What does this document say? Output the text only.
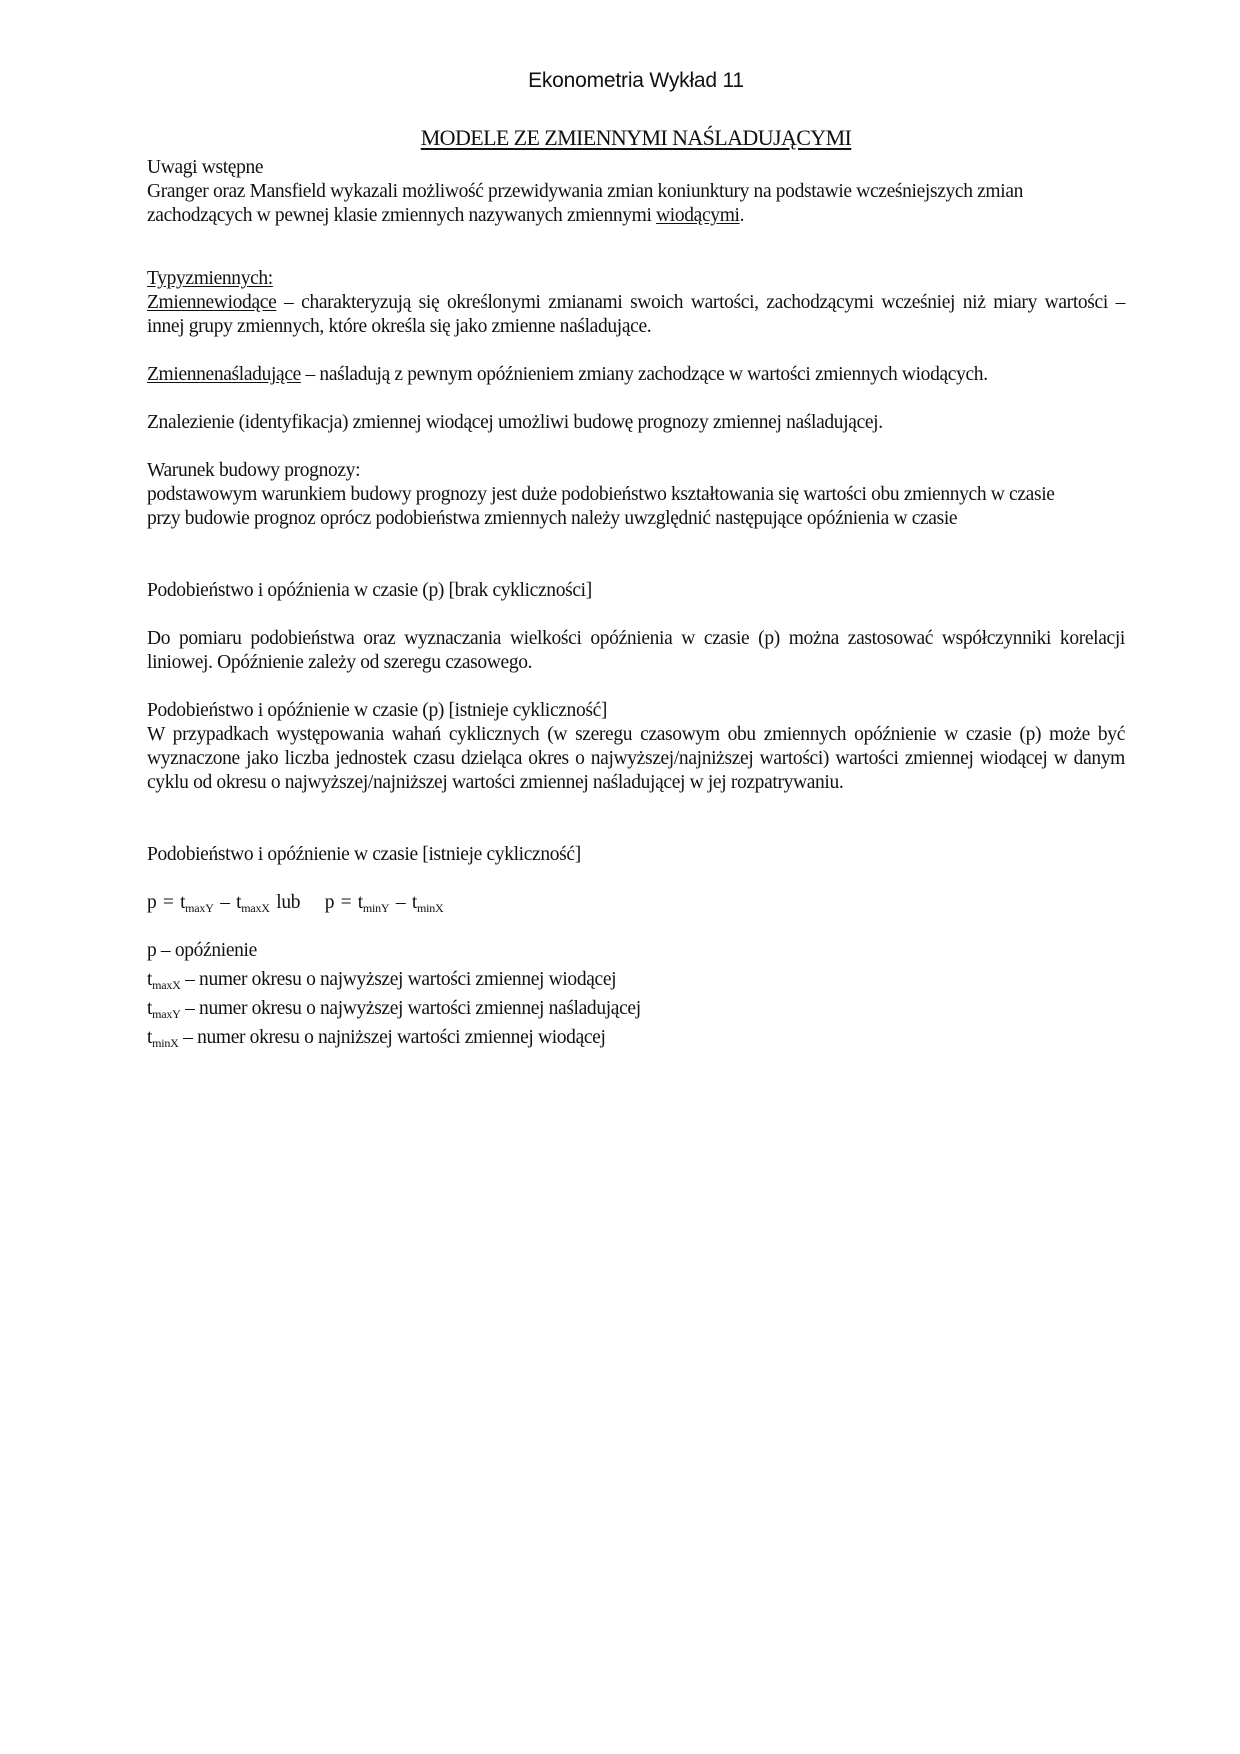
Ekonometria Wykład 11
MODELE ZE ZMIENNYMI NAŚLADUJĄCYMI

Uwagi wstępne

Granger oraz Mansfield wykazali możliwość przewidywania zmian koniunktury na podstawie wcześniejszych zmian zachodzących w pewnej klasie zmiennych nazywanych zmiennymi wiodącymi.

Typyzmiennych:

Zmiennewiodące – charakteryzują się określonymi zmianami swoich wartości, zachodzącymi wcześniej niż miary wartości – innej grupy zmiennych, które określa się jako zmienne naśladujące.

Zmiennenaśladujące – naśladują z pewnym opóźnieniem zmiany zachodzące w wartości zmiennych wiodących.

Znalezienie (identyfikacja) zmiennej wiodącej umożliwi budowę prognozy zmiennej naśladującej.

Warunek budowy prognozy:

podstawowym warunkiem budowy prognozy jest duże podobieństwo kształtowania się wartości obu zmiennych w czasie

przy budowie prognoz oprócz podobieństwa zmiennych należy uwzględnić następujące opóźnienia w czasie

Podobieństwo i opóźnienia w czasie (p) [brak cykliczności]

Do pomiaru podobieństwa oraz wyznaczania wielkości opóźnienia w czasie (p) można zastosować współczynniki korelacji liniowej. Opóźnienie zależy od szeregu czasowego.

Podobieństwo i opóźnienie w czasie (p) [istnieje cykliczność]

W przypadkach występowania wahań cyklicznych (w szeregu czasowym obu zmiennych opóźnienie w czasie (p) może być wyznaczone jako liczba jednostek czasu dzieląca okres o najwyższej/najniższej wartości) wartości zmiennej wiodącej w danym cyklu od okresu o najwyższej/najniższej wartości zmiennej naśladującej w jej rozpatrywaniu.

Podobieństwo i opóźnienie w czasie [istnieje cykliczność]

$p = t_{maxY} - t_{maxX}$ lub $p = t_{minY} - t_{minX}$

p – opóźnienie

$t_{maxX}$ – numer okresu o najwyższej wartości zmiennej wiodącej

$t_{maxY}$ – numer okresu o najwyższej wartości zmiennej naśladującej

$t_{minX}$ – numer okresu o najniższej wartości zmiennej wiodącej
